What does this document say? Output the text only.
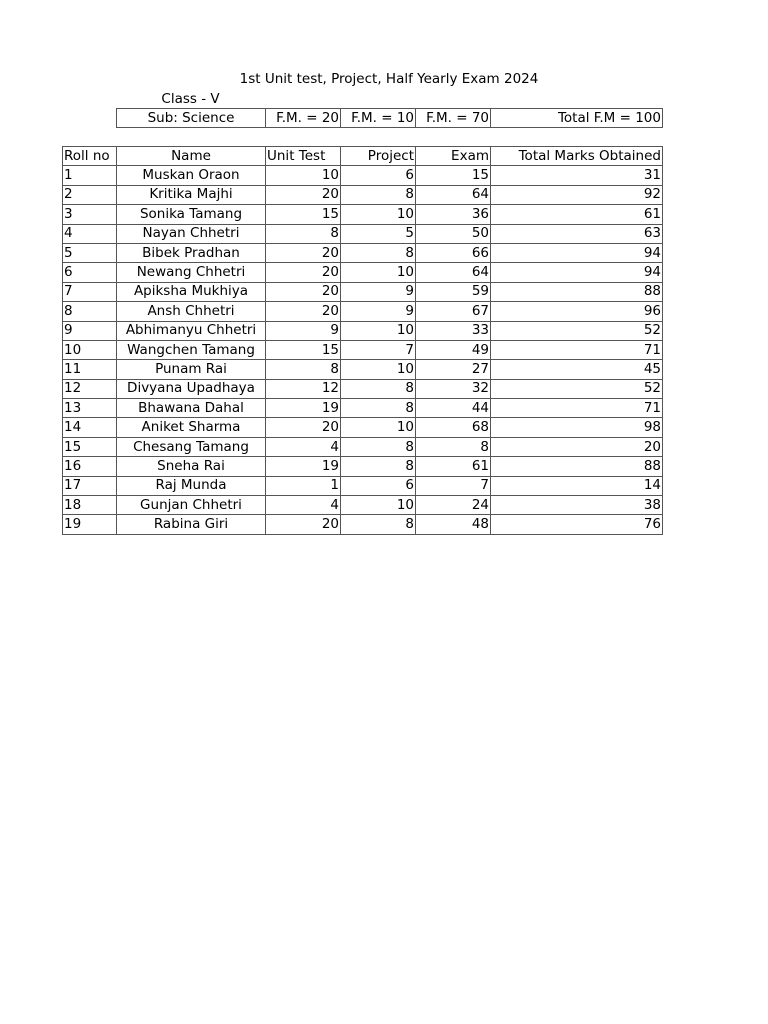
1st Unit test, Project, Half Yearly Exam 2024
Class - V
Sub: Science	F.M. = 20	F.M. = 10	F.M. = 70	Total F.M = 100
Roll no	Name	Unit Test	Project	Exam	Total Marks Obtained
1	Muskan Oraon	10	6	15	31
2	Kritika Majhi	20	8	64	92
3	Sonika Tamang	15	10	36	61
4	Nayan Chhetri	8	5	50	63
5	Bibek Pradhan	20	8	66	94
6	Newang Chhetri	20	10	64	94
7	Apiksha Mukhiya	20	9	59	88
8	Ansh Chhetri	20	9	67	96
9	Abhimanyu Chhetri	9	10	33	52
10	Wangchen Tamang	15	7	49	71
11	Punam Rai	8	10	27	45
12	Divyana Upadhaya	12	8	32	52
13	Bhawana Dahal	19	8	44	71
14	Aniket Sharma	20	10	68	98
15	Chesang Tamang	4	8	8	20
16	Sneha Rai	19	8	61	88
17	Raj Munda	1	6	7	14
18	Gunjan Chhetri	4	10	24	38
19	Rabina Giri	20	8	48	76
